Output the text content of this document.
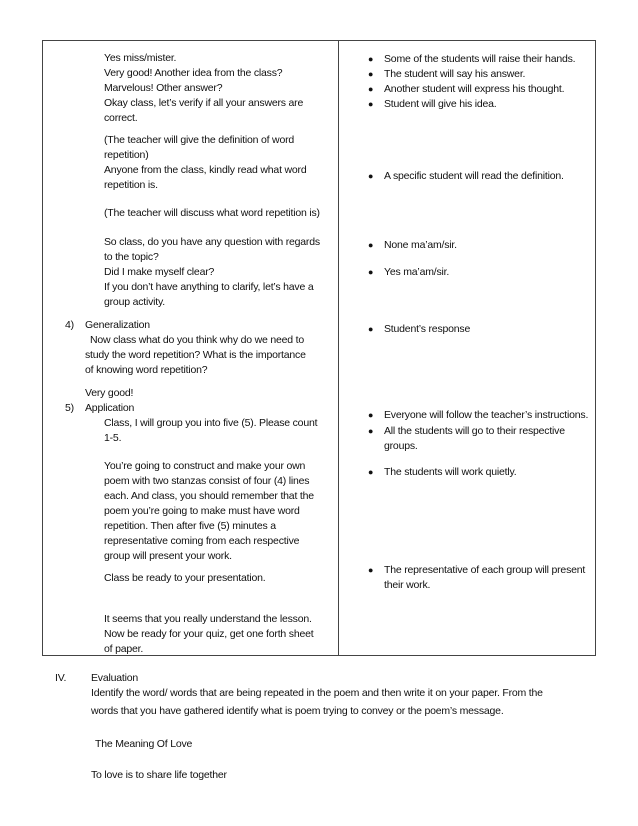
Yes miss/mister.
Very good! Another idea from the class?
Marvelous! Other answer?
Okay class, let’s verify if all your answers are
correct.
(The teacher will give the definition of word
repetition)
Anyone from the class, kindly read what word
repetition is.
(The teacher will discuss what word repetition is)
So class, do you have any question with regards
to the topic?
Did I make myself clear?
If you don’t have anything to clarify, let’s have a
group activity.
4) Generalization
Now class what do you think why do we need to
study the word repetition? What is the importance
of knowing word repetition?
Very good!
5) Application
Class, I will group you into five (5). Please count
1-5.
You’re going to construct and make your own
poem with two stanzas consist of four (4) lines
each. And class, you should remember that the
poem you’re going to make must have word
repetition. Then after five (5) minutes a
representative coming from each respective
group will present your work.
Class be ready to your presentation.
It seems that you really understand the lesson.
Now be ready for your quiz, get one forth sheet
of paper.
● Some of the students will raise their hands.
● The student will say his answer.
● Another student will express his thought.
● Student will give his idea.
● A specific student will read the definition.
● None ma’am/sir.
● Yes ma’am/sir.
● Student’s response
● Everyone will follow the teacher’s instructions.
● All the students will go to their respective
groups.
● The students will work quietly.
● The representative of each group will present
their work.
IV. Evaluation
Identify the word/ words that are being repeated in the poem and then write it on your paper. From the
words that you have gathered identify what is poem trying to convey or the poem’s message.
The Meaning Of Love
To love is to share life together
